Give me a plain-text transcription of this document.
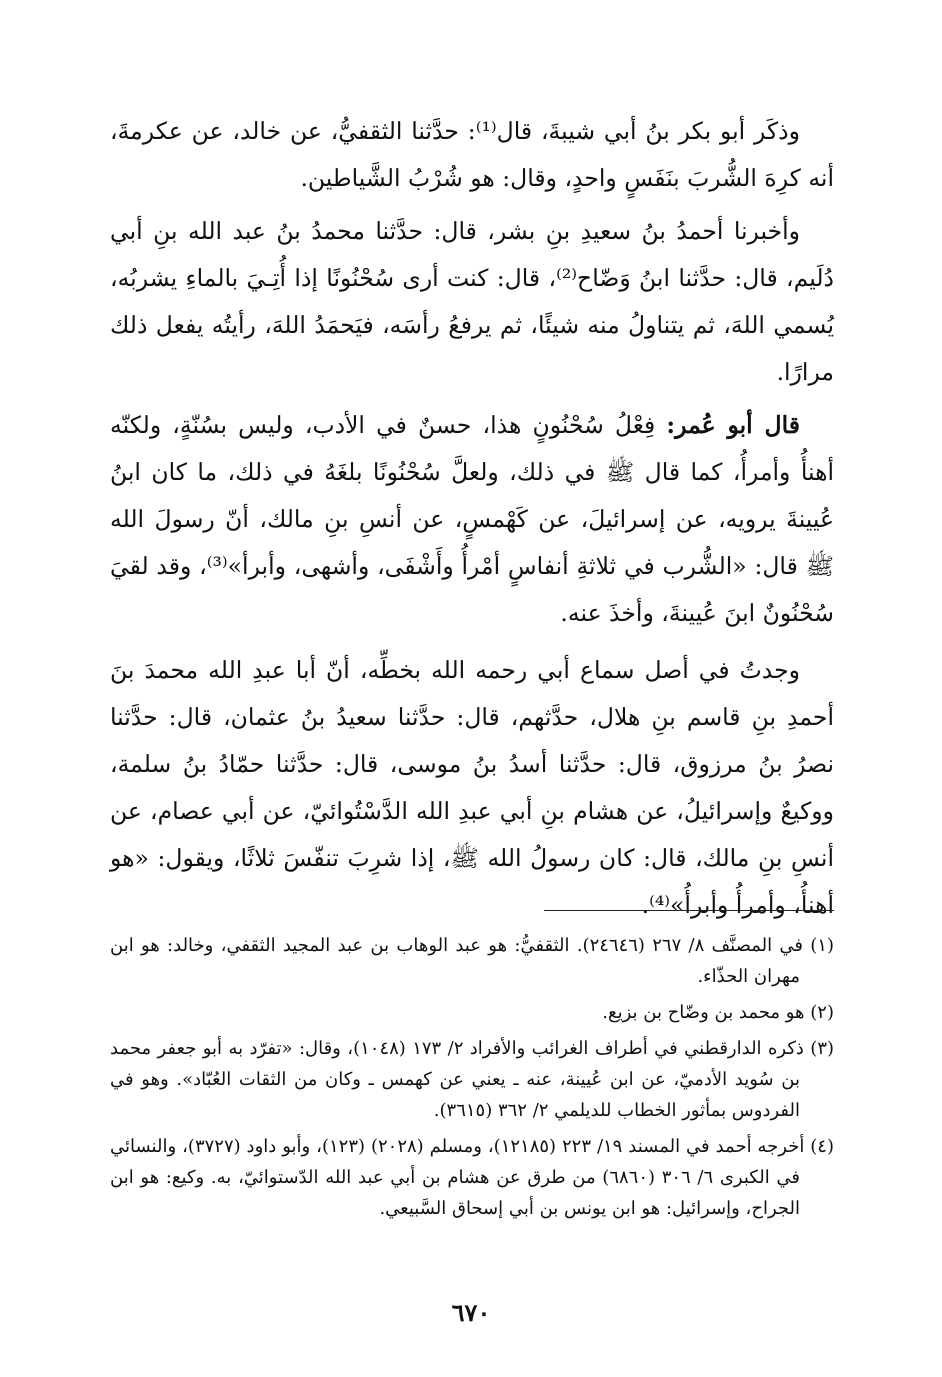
وذكَر أبو بكر بنُ أبي شيبةَ، قال⁽¹⁾: حدَّثنا الثقفيُّ، عن خالد، عن عكرمةَ، أنه كرِهَ الشُّربَ بنَفَسٍ واحدٍ، وقال: هو شُرْبُ الشَّياطين.

وأخبرنا أحمدُ بنُ سعيدِ بنِ بشر، قال: حدَّثنا محمدُ بنُ عبد الله بنِ أبي دُلَيم، قال: حدَّثنا ابنُ وَضّاح⁽²⁾، قال: كنت أرى سُحْنُونًا إذا أُتِـيَ بالماءِ يشربُه، يُسمي اللهَ، ثم يتناولُ منه شيئًا، ثم يرفعُ رأسَه، فيَحمَدُ اللهَ، رأيتُه يفعل ذلك مرارًا.

قال أبو عُمر: فِعْلُ سُحْنُونٍ هذا، حسنٌ في الأدب، وليس بسُنّةٍ، ولكنّه أهنأُ وأمرأُ، كما قال ﷺ في ذلك، ولعلَّ سُحْنُونًا بلغَهُ في ذلك، ما كان ابنُ عُيينةَ يرويه، عن إسرائيلَ، عن كَهْمسٍ، عن أنسِ بنِ مالك، أنّ رسولَ الله ﷺ قال: «الشُّرب في ثلاثةِ أنفاسٍ أمْرأُ وأَشْفَى، وأشهى، وأبرأ»⁽³⁾، وقد لقيَ سُحْنُونٌ ابنَ عُيينةَ، وأخذَ عنه.

وجدتُ في أصل سماع أبي رحمه الله بخطِّه، أنّ أبا عبدِ الله محمدَ بنَ أحمدِ بنِ قاسم بنِ هلال، حدَّثهم، قال: حدَّثنا سعيدُ بنُ عثمان، قال: حدَّثنا نصرُ بنُ مرزوق، قال: حدَّثنا أسدُ بنُ موسى، قال: حدَّثنا حمّادُ بنُ سلمة، ووكيعٌ وإسرائيلُ، عن هشام بنِ أبي عبدِ الله الدَّسْتُوائيّ، عن أبي عصام، عن أنسِ بنِ مالك، قال: كان رسولُ الله ﷺ، إذا شرِبَ تنفّسَ ثلاثًا، ويقول: «هو أهنأُ، وأمرأُ وأبرأُ»⁽⁴⁾.

(١) في المصنَّف ٨/ ٢٦٧ (٢٤٦٤٦). الثقفيُّ: هو عبد الوهاب بن عبد المجيد الثقفي، وخالد: هو ابن مهران الحذّاء.

(٢) هو محمد بن وضّاح بن بزيع.

(٣) ذكره الدارقطني في أطراف الغرائب والأفراد ٢/ ١٧٣ (١٠٤٨)، وقال: «تفرّد به أبو جعفر محمد بن سُويد الأدميّ، عن ابن عُيينة، عنه ـ يعني عن كهمس ـ وكان من الثقات العُبّاد». وهو في الفردوس بمأثور الخطاب للديلمي ٢/ ٣٦٢ (٣٦١٥).

(٤) أخرجه أحمد في المسند ١٩/ ٢٢٣ (١٢١٨٥)، ومسلم (٢٠٢٨) (١٢٣)، وأبو داود (٣٧٢٧)، والنسائي في الكبرى ٦/ ٣٠٦ (٦٨٦٠) من طرق عن هشام بن أبي عبد الله الدّستوائيّ، به. وكيع: هو ابن الجراح، وإسرائيل: هو ابن يونس بن أبي إسحاق السَّبيعي.

٦٧٠
